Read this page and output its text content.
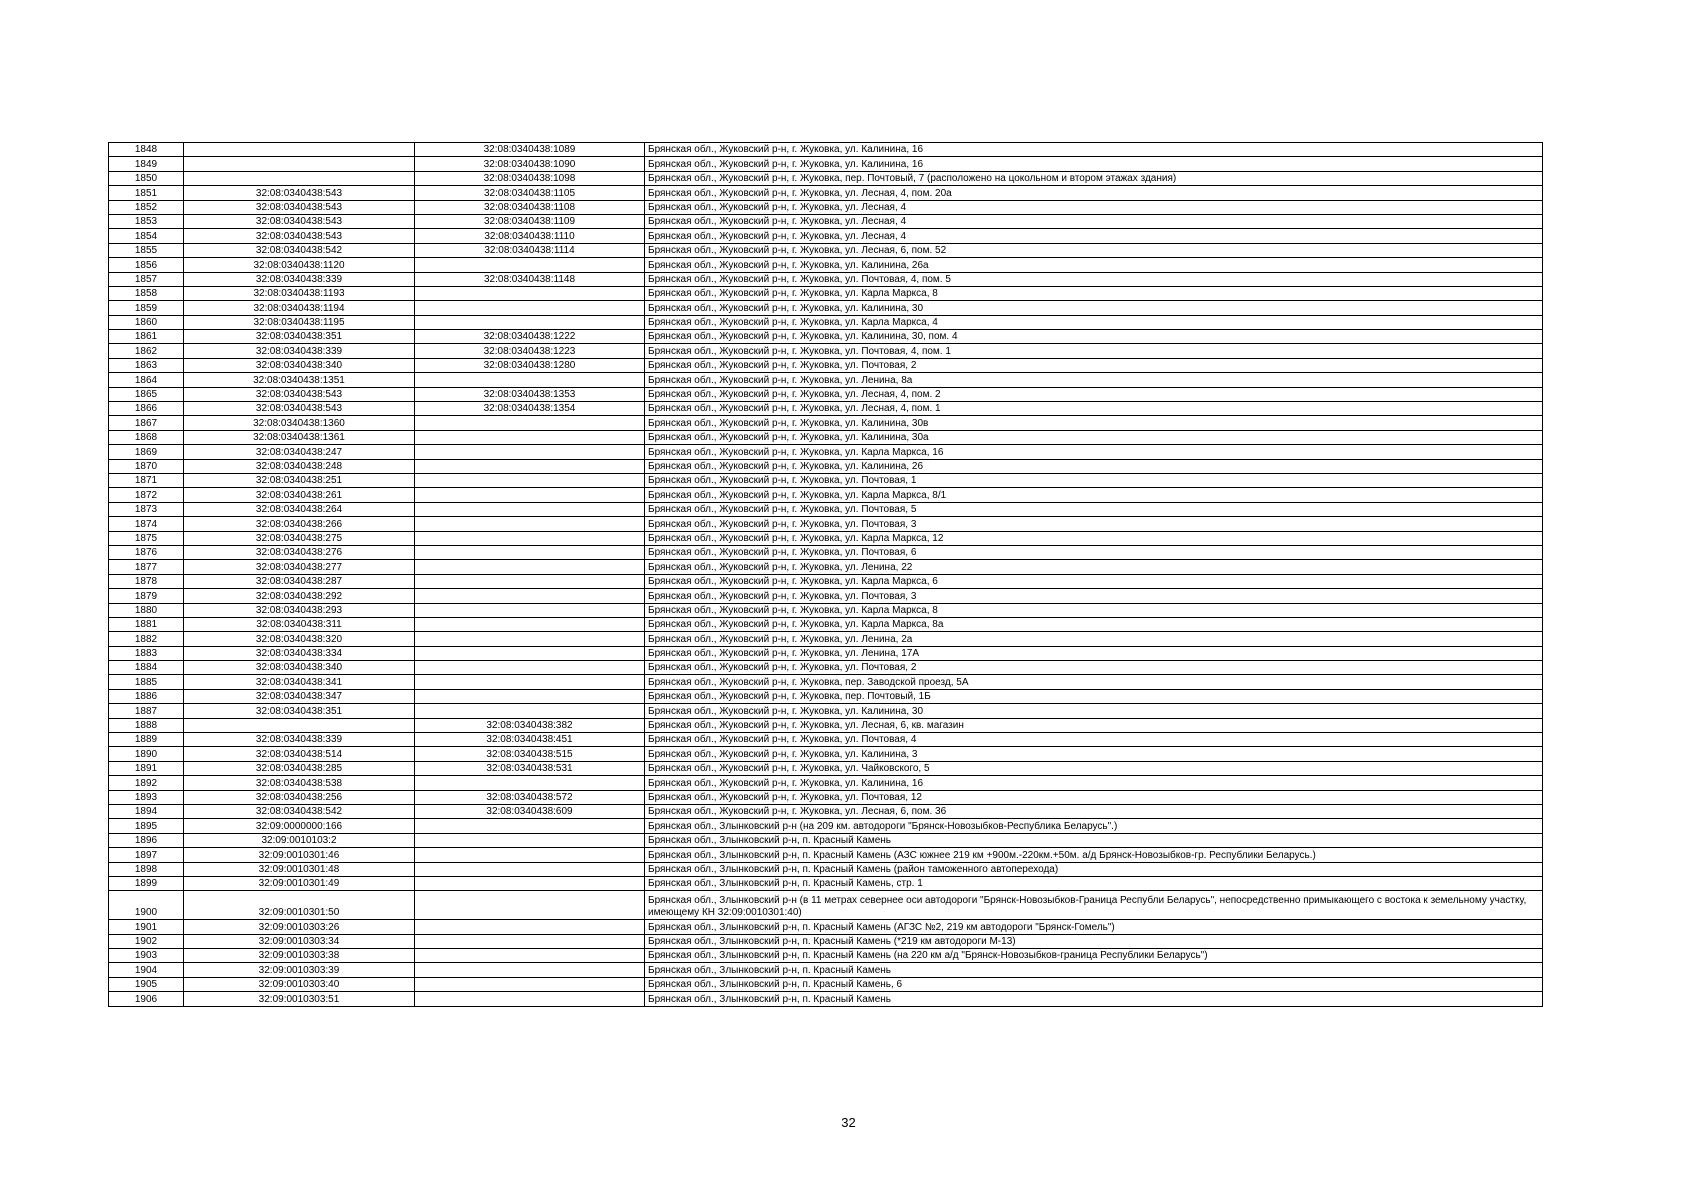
1848		32:08:0340438:1089	Брянская обл., Жуковский р-н, г. Жуковка, ул. Калинина, 16
1849		32:08:0340438:1090	Брянская обл., Жуковский р-н, г. Жуковка, ул. Калинина, 16
1850		32:08:0340438:1098	Брянская обл., Жуковский р-н, г. Жуковка, пер. Почтовый, 7 (расположено на цокольном и втором этажах здания)
1851	32:08:0340438:543	32:08:0340438:1105	Брянская обл., Жуковский р-н, г. Жуковка, ул. Лесная, 4, пом. 20а
1852	32:08:0340438:543	32:08:0340438:1108	Брянская обл., Жуковский р-н, г. Жуковка, ул. Лесная, 4
1853	32:08:0340438:543	32:08:0340438:1109	Брянская обл., Жуковский р-н, г. Жуковка, ул. Лесная, 4
1854	32:08:0340438:543	32:08:0340438:1110	Брянская обл., Жуковский р-н, г. Жуковка, ул. Лесная, 4
1855	32:08:0340438:542	32:08:0340438:1114	Брянская обл., Жуковский р-н, г. Жуковка, ул. Лесная, 6, пом. 52
1856	32:08:0340438:1120		Брянская обл., Жуковский р-н, г. Жуковка, ул. Калинина, 26а
1857	32:08:0340438:339	32:08:0340438:1148	Брянская обл., Жуковский р-н, г. Жуковка, ул. Почтовая, 4, пом. 5
1858	32:08:0340438:1193		Брянская обл., Жуковский р-н, г. Жуковка, ул. Карла Маркса, 8
1859	32:08:0340438:1194		Брянская обл., Жуковский р-н, г. Жуковка, ул. Калинина, 30
1860	32:08:0340438:1195		Брянская обл., Жуковский р-н, г. Жуковка, ул. Карла Маркса, 4
1861	32:08:0340438:351	32:08:0340438:1222	Брянская обл., Жуковский р-н, г. Жуковка, ул. Калинина, 30, пом. 4
1862	32:08:0340438:339	32:08:0340438:1223	Брянская обл., Жуковский р-н, г. Жуковка, ул. Почтовая, 4, пом. 1
1863	32:08:0340438:340	32:08:0340438:1280	Брянская обл., Жуковский р-н, г. Жуковка, ул. Почтовая, 2
1864	32:08:0340438:1351		Брянская обл., Жуковский р-н, г. Жуковка, ул. Ленина, 8а
1865	32:08:0340438:543	32:08:0340438:1353	Брянская обл., Жуковский р-н, г. Жуковка, ул. Лесная, 4, пом. 2
1866	32:08:0340438:543	32:08:0340438:1354	Брянская обл., Жуковский р-н, г. Жуковка, ул. Лесная, 4, пом. 1
1867	32:08:0340438:1360		Брянская обл., Жуковский р-н, г. Жуковка, ул. Калинина, 30в
1868	32:08:0340438:1361		Брянская обл., Жуковский р-н, г. Жуковка, ул. Калинина, 30а
1869	32:08:0340438:247		Брянская обл., Жуковский р-н, г. Жуковка, ул. Карла Маркса, 16
1870	32:08:0340438:248		Брянская обл., Жуковский р-н, г. Жуковка, ул. Калинина, 26
1871	32:08:0340438:251		Брянская обл., Жуковский р-н, г. Жуковка, ул. Почтовая, 1
1872	32:08:0340438:261		Брянская обл., Жуковский р-н, г. Жуковка, ул. Карла Маркса, 8/1
1873	32:08:0340438:264		Брянская обл., Жуковский р-н, г. Жуковка, ул. Почтовая, 5
1874	32:08:0340438:266		Брянская обл., Жуковский р-н, г. Жуковка, ул. Почтовая, 3
1875	32:08:0340438:275		Брянская обл., Жуковский р-н, г. Жуковка, ул. Карла Маркса, 12
1876	32:08:0340438:276		Брянская обл., Жуковский р-н, г. Жуковка, ул. Почтовая, 6
1877	32:08:0340438:277		Брянская обл., Жуковский р-н, г. Жуковка, ул. Ленина, 22
1878	32:08:0340438:287		Брянская обл., Жуковский р-н, г. Жуковка, ул. Карла Маркса, 6
1879	32:08:0340438:292		Брянская обл., Жуковский р-н, г. Жуковка, ул. Почтовая, 3
1880	32:08:0340438:293		Брянская обл., Жуковский р-н, г. Жуковка, ул. Карла Маркса, 8
1881	32:08:0340438:311		Брянская обл., Жуковский р-н, г. Жуковка, ул. Карла Маркса, 8а
1882	32:08:0340438:320		Брянская обл., Жуковский р-н, г. Жуковка, ул. Ленина, 2а
1883	32:08:0340438:334		Брянская обл., Жуковский р-н, г. Жуковка, ул. Ленина, 17А
1884	32:08:0340438:340		Брянская обл., Жуковский р-н, г. Жуковка, ул. Почтовая, 2
1885	32:08:0340438:341		Брянская обл., Жуковский р-н, г. Жуковка, пер. Заводской проезд, 5А
1886	32:08:0340438:347		Брянская обл., Жуковский р-н, г. Жуковка, пер. Почтовый, 1Б
1887	32:08:0340438:351		Брянская обл., Жуковский р-н, г. Жуковка, ул. Калинина, 30
1888		32:08:0340438:382	Брянская обл., Жуковский р-н, г. Жуковка, ул. Лесная, 6, кв. магазин
1889	32:08:0340438:339	32:08:0340438:451	Брянская обл., Жуковский р-н, г. Жуковка, ул. Почтовая, 4
1890	32:08:0340438:514	32:08:0340438:515	Брянская обл., Жуковский р-н, г. Жуковка, ул. Калинина, 3
1891	32:08:0340438:285	32:08:0340438:531	Брянская обл., Жуковский р-н, г. Жуковка, ул. Чайковского, 5
1892	32:08:0340438:538		Брянская обл., Жуковский р-н, г. Жуковка, ул. Калинина, 16
1893	32:08:0340438:256	32:08:0340438:572	Брянская обл., Жуковский р-н, г. Жуковка, ул. Почтовая, 12
1894	32:08:0340438:542	32:08:0340438:609	Брянская обл., Жуковский р-н, г. Жуковка, ул. Лесная, 6, пом. 36
1895	32:09:0000000:166		Брянская обл., Злынковский р-н (на 209 км. автодороги "Брянск-Новозыбков-Республика Беларусь".)
1896	32:09:0010103:2		Брянская обл., Злынковский р-н, п. Красный Камень
1897	32:09:0010301:46		Брянская обл., Злынковский р-н, п. Красный Камень (АЗС южнее 219 км +900м.-220км.+50м. а/д Брянск-Новозыбков-гр. Республики Беларусь.)
1898	32:09:0010301:48		Брянская обл., Злынковский р-н, п. Красный Камень (район таможенного автоперехода)
1899	32:09:0010301:49		Брянская обл., Злынковский р-н, п. Красный Камень, стр. 1
1900	32:09:0010301:50		Брянская обл., Злынковский р-н (в 11 метрах севернее оси автодороги "Брянск-Новозыбков-Граница Республи Беларусь", непосредственно примыкающего с востока к земельному участку, имеющему КН 32:09:0010301:40)
1901	32:09:0010303:26		Брянская обл., Злынковский р-н, п. Красный Камень (АГЗС №2, 219 км автодороги "Брянск-Гомель")
1902	32:09:0010303:34		Брянская обл., Злынковский р-н, п. Красный Камень (*219 км автодороги М-13)
1903	32:09:0010303:38		Брянская обл., Злынковский р-н, п. Красный Камень (на 220 км а/д "Брянск-Новозыбков-граница Республики Беларусь")
1904	32:09:0010303:39		Брянская обл., Злынковский р-н, п. Красный Камень
1905	32:09:0010303:40		Брянская обл., Злынковский р-н, п. Красный Камень, 6
1906	32:09:0010303:51		Брянская обл., Злынковский р-н, п. Красный Камень
32
